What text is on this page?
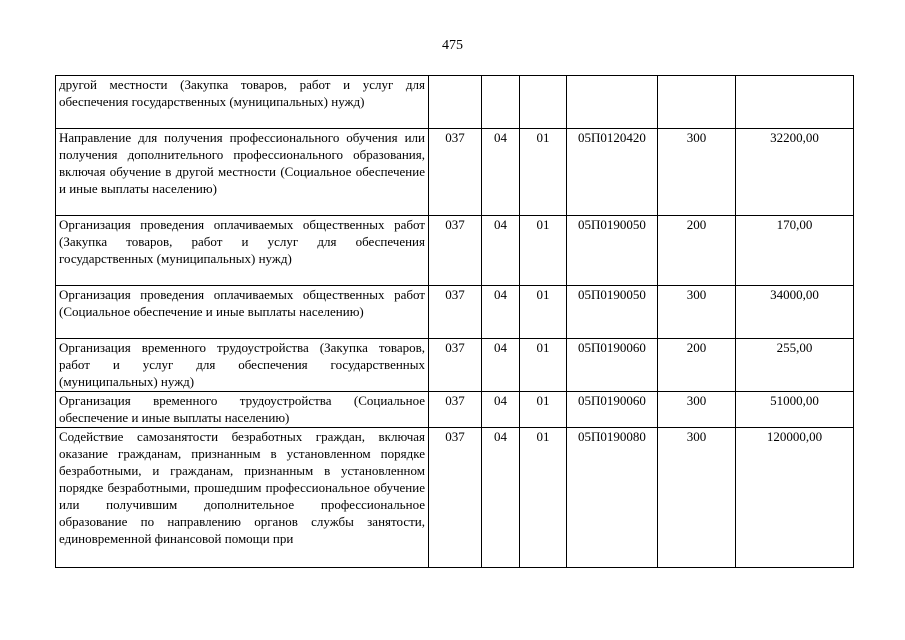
475
другой местности (Закупка товаров, работ и услуг для обеспечения государственных (муниципальных) нужд)						
Направление для получения профессионального обучения или получения дополнительного профессионального образования, включая обучение в другой местности (Социальное обеспечение и иные выплаты населению)	037	04	01	05П0120420	300	32200,00
Организация проведения оплачиваемых общественных работ (Закупка товаров, работ и услуг для обеспечения государственных (муниципальных) нужд)	037	04	01	05П0190050	200	170,00
Организация проведения оплачиваемых общественных работ (Социальное обеспечение и иные выплаты населению)	037	04	01	05П0190050	300	34000,00
Организация временного трудоустройства (Закупка товаров, работ и услуг для обеспечения государственных (муниципальных) нужд)	037	04	01	05П0190060	200	255,00
Организация временного трудоустройства (Социальное обеспечение и иные выплаты населению)	037	04	01	05П0190060	300	51000,00
Содействие самозанятости безработных граждан, включая оказание гражданам, признанным в установленном порядке безработными, и гражданам, признанным в установленном порядке безработными, прошедшим профессиональное обучение или получившим дополнительное профессиональное образование по направлению органов службы занятости, единовременной финансовой помощи при	037	04	01	05П0190080	300	120000,00
